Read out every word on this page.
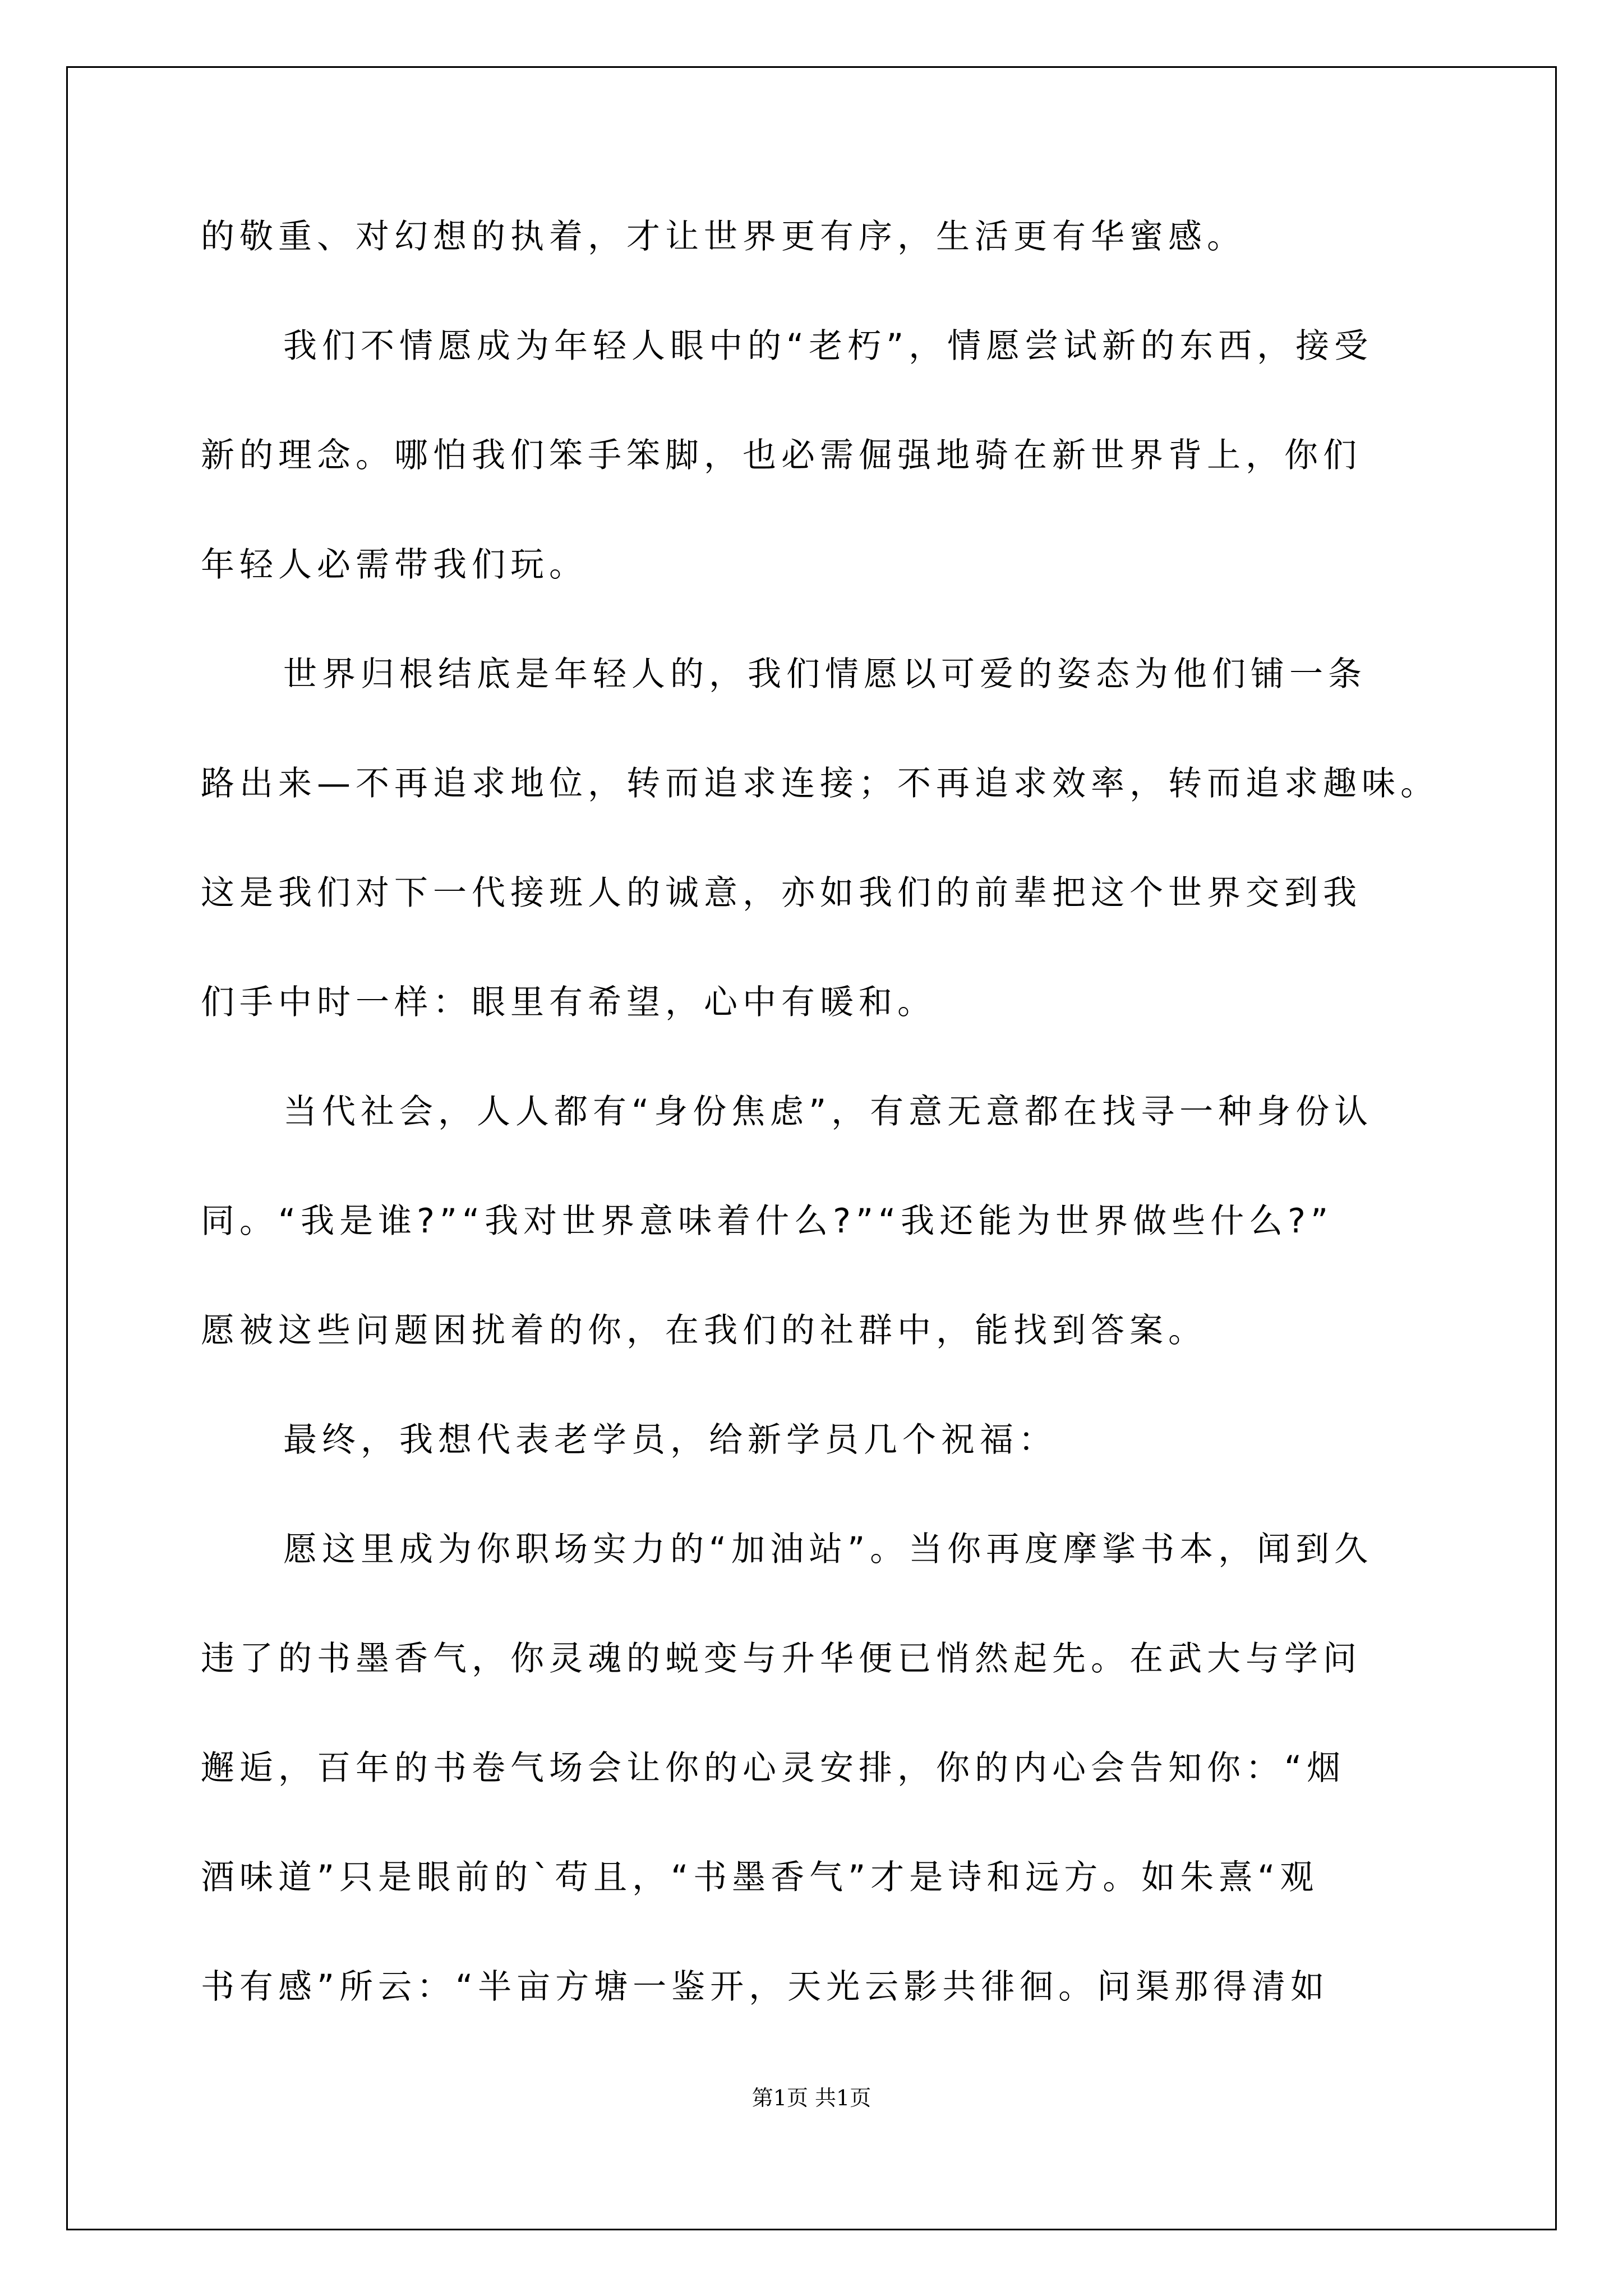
的敬重、对幻想的执着，才让世界更有序，生活更有华蜜感。
我们不情愿成为年轻人眼中的“老朽”，情愿尝试新的东西，接受
新的理念。哪怕我们笨手笨脚，也必需倔强地骑在新世界背上，你们
年轻人必需带我们玩。
世界归根结底是年轻人的，我们情愿以可爱的姿态为他们铺一条
路出来—不再追求地位，转而追求连接；不再追求效率，转而追求趣味。
这是我们对下一代接班人的诚意，亦如我们的前辈把这个世界交到我
们手中时一样：眼里有希望，心中有暖和。
当代社会，人人都有“身份焦虑”，有意无意都在找寻一种身份认
同。“我是谁?”“我对世界意味着什么?”“我还能为世界做些什么?”
愿被这些问题困扰着的你，在我们的社群中，能找到答案。
最终，我想代表老学员，给新学员几个祝福：
愿这里成为你职场实力的“加油站”。当你再度摩挲书本，闻到久
违了的书墨香气，你灵魂的蜕变与升华便已悄然起先。在武大与学问
邂逅，百年的书卷气场会让你的心灵安排，你的内心会告知你：“烟
酒味道”只是眼前的`苟且，“书墨香气”才是诗和远方。如朱熹“观
书有感”所云：“半亩方塘一鉴开，天光云影共徘徊。问渠那得清如
第1页 共1页
